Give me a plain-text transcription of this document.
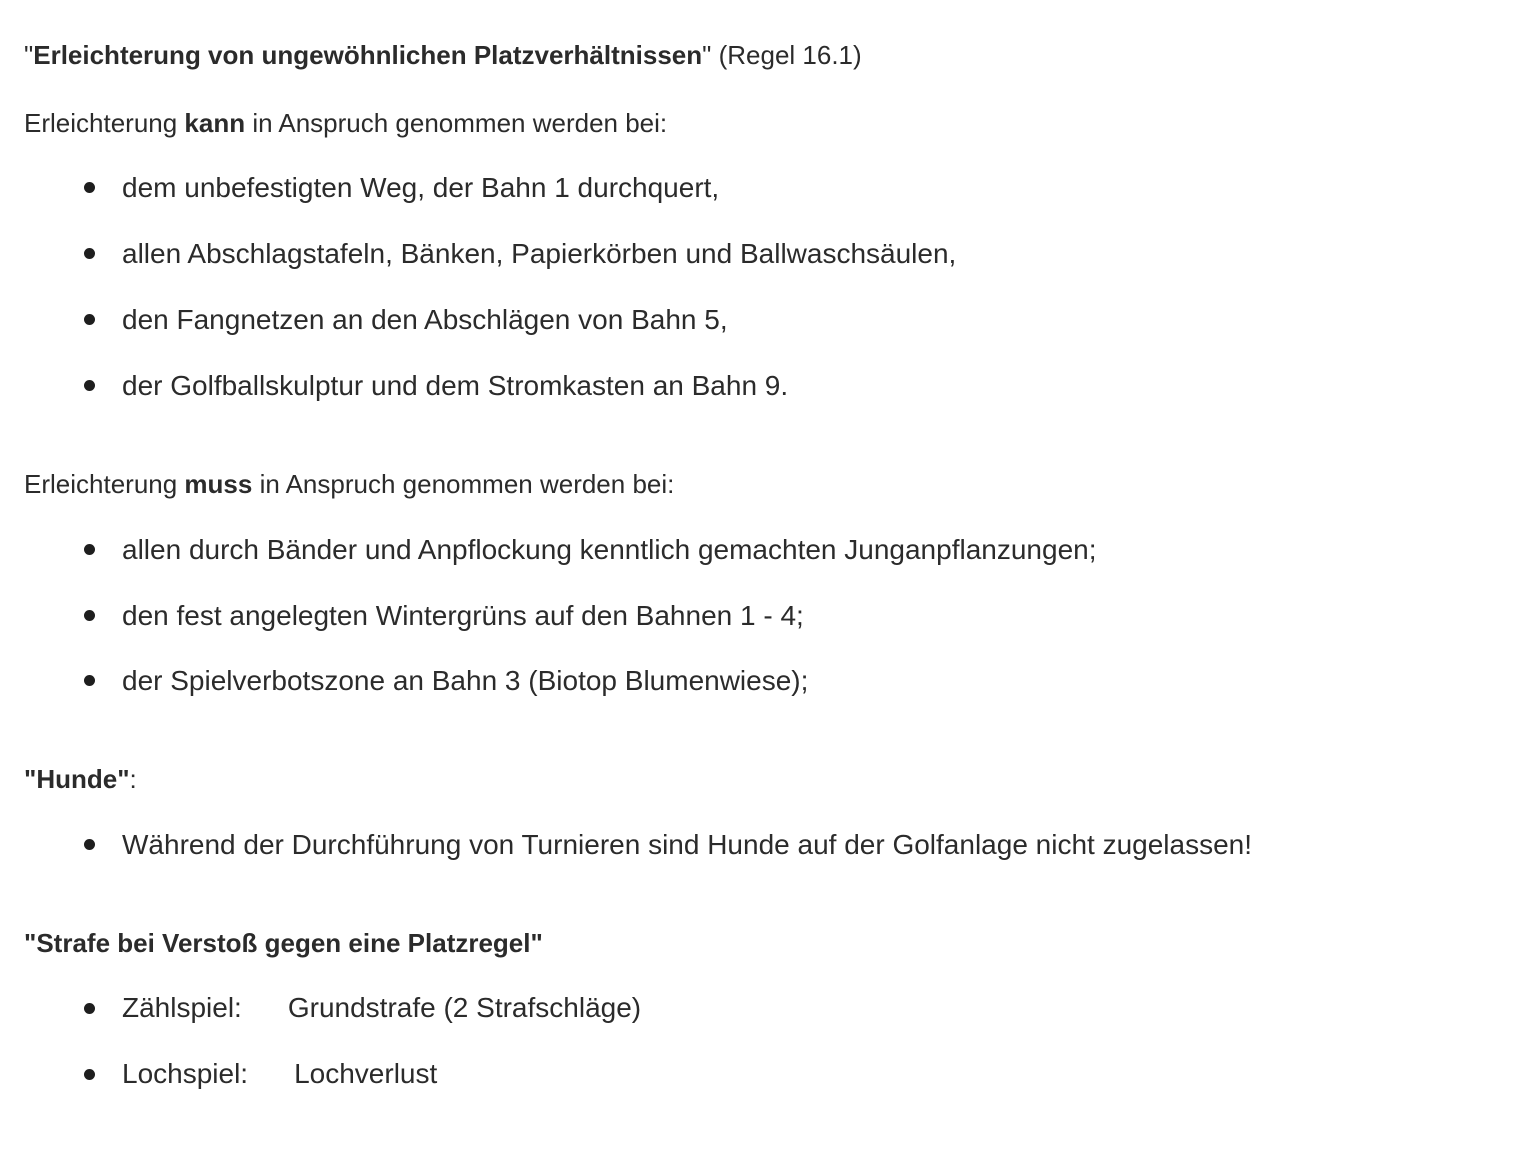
"Erleichterung von ungewöhnlichen Platzverhältnissen" (Regel 16.1)
Erleichterung kann in Anspruch genommen werden bei:
dem unbefestigten Weg, der Bahn 1 durchquert,
allen Abschlagstafeln, Bänken, Papierkörben und Ballwaschsäulen,
den Fangnetzen an den Abschlägen von Bahn 5,
der Golfballskulptur und dem Stromkasten an Bahn 9.
Erleichterung muss in Anspruch genommen werden bei:
allen durch Bänder und Anpflockung kenntlich gemachten Junganpflanzungen;
den fest angelegten Wintergrüns auf den Bahnen 1 - 4;
der Spielverbotszone an Bahn 3 (Biotop Blumenwiese);
"Hunde":
Während der Durchführung von Turnieren sind Hunde auf der Golfanlage nicht zugelassen!
"Strafe bei Verstoß gegen eine Platzregel"
Zählspiel: Grundstrafe (2 Strafschläge)
Lochspiel: Lochverlust
